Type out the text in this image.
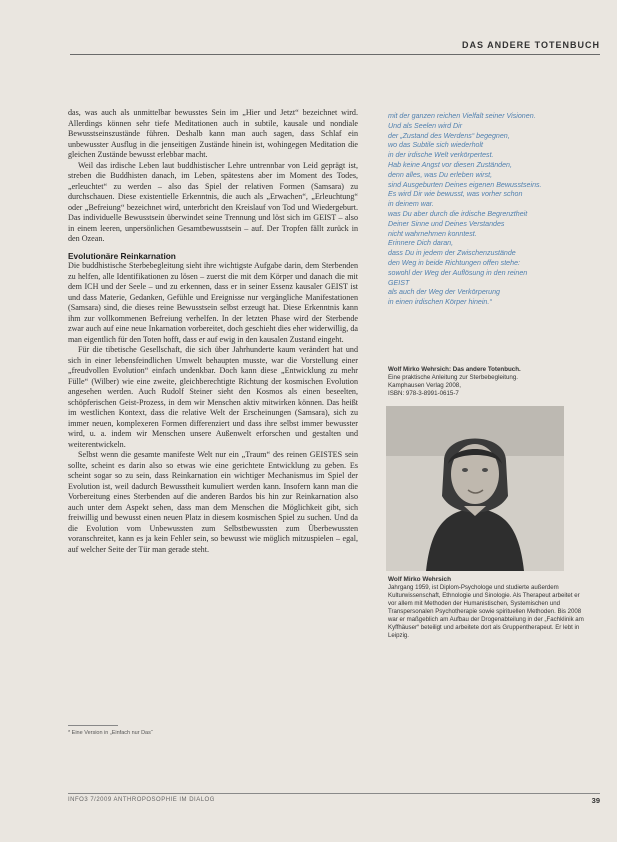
DAS ANDERE TOTENBUCH

das, was auch als unmittelbar bewusstes Sein im „Hier und Jetzt“ bezeichnet wird. Allerdings können sehr tiefe Meditationen auch in subtile, kausale und nondiale Bewusstseinszustände führen. Deshalb kann man auch sagen, dass Schlaf ein unbewusster Ausflug in die jenseitigen Zustände hinein ist, wohingegen Meditation die gleichen Zustände bewusst erlebbar macht.

Weil das irdische Leben laut buddhistischer Lehre untrennbar von Leid geprägt ist, streben die Buddhisten danach, im Leben, spätestens aber im Moment des Todes, „erleuchtet“ zu werden – also das Spiel der relativen Formen (Samsara) zu durchschauen. Diese existentielle Erkenntnis, die auch als „Erwachen“, „Erleuchtung“ oder „Befreiung“ bezeichnet wird, unterbricht den Kreislauf von Tod und Wiedergeburt. Das individuelle Bewusstsein überwindet seine Trennung und löst sich im GEIST – also in einem leeren, unpersönlichen Gesamtbewusstsein – auf. Der Tropfen fällt zurück in den Ozean.

Evolutionäre Reinkarnation

Die buddhistische Sterbebegleitung sieht ihre wichtigste Aufgabe darin, dem Sterbenden zu helfen, alle Identifikationen zu lösen – zuerst die mit dem Körper und danach die mit dem ICH und der Seele – und zu erkennen, dass er in seiner Essenz kausaler GEIST ist und dass Materie, Gedanken, Gefühle und Ereignisse nur vergängliche Manifestationen (Samsara) sind, die dieses reine Bewusstsein selbst erzeugt hat. Diese Erkenntnis kann ihm zur vollkommenen Befreiung verhelfen. In der letzten Phase wird der Sterbende zwar auch auf eine neue Inkarnation vorbereitet, doch geschieht dies eher widerwillig, da man eigentlich für den Toten hofft, dass er auf ewig in den kausalen Zustand eingeht.

Für die tibetische Gesellschaft, die sich über Jahrhunderte kaum verändert hat und sich in einer lebensfeindlichen Umwelt behaupten musste, war die Vorstellung einer „freudvollen Evolution“ einfach undenkbar. Doch kann diese „Entwicklung zu mehr Fülle“ (Wilber) wie eine zweite, gleichberechtigte Richtung der kosmischen Evolution angesehen werden. Auch Rudolf Steiner sieht den Kosmos als einen beseelten, schöpferischen Geist-Prozess, in dem wir Menschen aktiv mitwirken können. Das heißt im westlichen Kontext, dass die relative Welt der Erscheinungen (Samsara), sich zu immer neuen, komplexeren Formen differenziert und dass ihre selbst immer bewusster wird, u. a. indem wir Menschen unsere Außenwelt erforschen und gestalten und weiterentwickeln.

Selbst wenn die gesamte manifeste Welt nur ein „Traum“ des reinen GEISTES sein sollte, scheint es darin also so etwas wie eine gerichtete Entwicklung zu geben. Es scheint sogar so zu sein, dass Reinkarnation ein wichtiger Mechanismus im Spiel der Evolution ist, weil dadurch Bewusstheit kumuliert werden kann. Insofern kann man die Vorbereitung eines Sterbenden auf die anderen Bardos bis hin zur Reinkarnation also auch unter dem Aspekt sehen, dass man dem Menschen die Möglichkeit gibt, sich freiwillig und bewusst einen neuen Platz in diesem kosmischen Spiel zu suchen. Und da die Evolution vom Unbewussten zum Selbstbewussten zum Überbewussten voranschreitet, kann es ja kein Fehler sein, so bewusst wie möglich mitzuspielen – egal, auf welcher Seite der Tür man gerade steht.

* Eine Version in „Einfach nur Das“
mit der ganzen reichen Vielfalt seiner Visionen.
Und als Seelen wird Dir
der „Zustand des Werdens“ begegnen,
wo das Subtile sich wiederholt
in der irdische Welt verkörpertest.
Hab keine Angst vor diesen Zuständen,
denn alles, was Du erleben wirst,
sind Ausgeburten Deines eigenen Bewusstseins.
Es wird Dir wie bewusst, was vorher schon
in deinem war.
was Du aber durch die irdische Begrenztheit
Deiner Sinne und Deines Verstandes
nicht wahrnehmen konntest.
Erinnere Dich daran,
dass Du in jedem der Zwischenzustände
den Weg in beide Richtungen offen stehe:
sowohl der Weg der Auflösung in den reinen
GEIST
als auch der Weg der Verkörperung
in einen irdischen Körper hinein.“
Wolf Mirko Wehrsich: Das andere Totenbuch.
Eine praktische Anleitung zur Sterbebegleitung.
Kamphausen Verlag 2008,
ISBN: 978-3-8991-0615-7
Wolf Mirko Wehrsich
Jahrgang 1959, ist Diplom-Psychologe und studierte außerdem Kulturwissenschaft, Ethnologie und Sinologie. Als Therapeut arbeitet er vor allem mit Methoden der Humanistischen, Systemischen und Transpersonalen Psychotherapie sowie spirituellen Methoden. Bis 2008 war er maßgeblich am Aufbau der Drogenabteilung in der „Fachklinik am Kyffhäuser“ beteiligt und arbeitete dort als Gruppentherapeut. Er lebt in Leipzig.
INFO3 7/2009 ANTHROPOSOPHIE IM DIALOG	39
